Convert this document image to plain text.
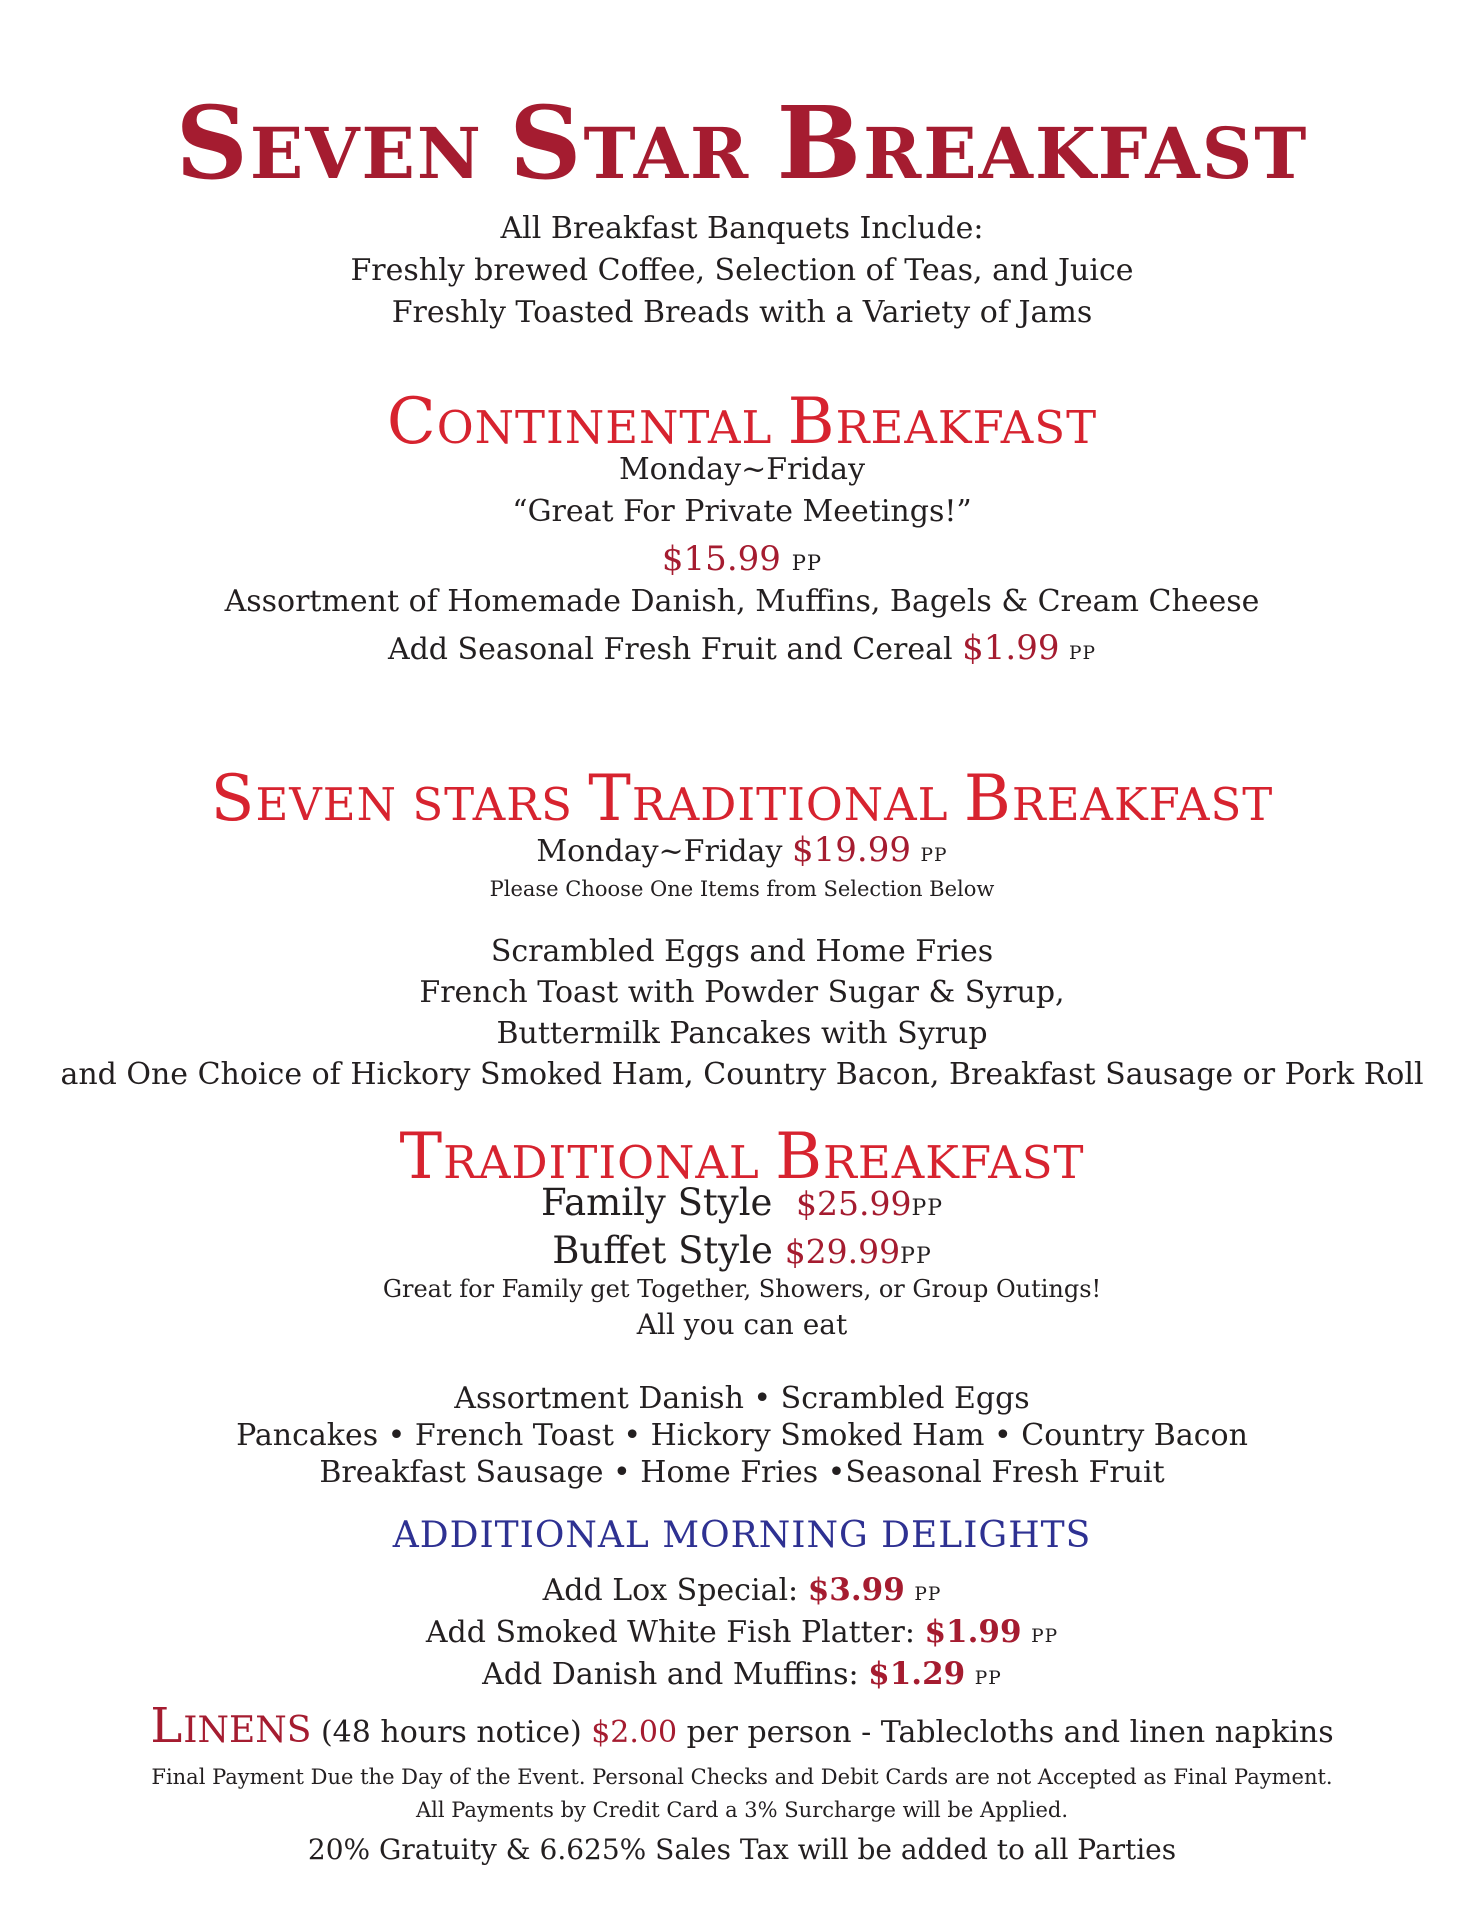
SEVEN STAR BREAKFAST
All Breakfast Banquets Include:
Freshly brewed Coffee, Selection of Teas, and Juice
Freshly Toasted Breads with a Variety of Jams
CONTINENTAL BREAKFAST
Monday~Friday
“Great For Private Meetings!”
$15.99 PP
Assortment of Homemade Danish, Muffins, Bagels & Cream Cheese
Add Seasonal Fresh Fruit and Cereal $1.99 PP
SEVEN STARS TRADITIONAL BREAKFAST
Monday~Friday $19.99 PP
Please Choose One Items from Selection Below
Scrambled Eggs and Home Fries
French Toast with Powder Sugar & Syrup,
Buttermilk Pancakes with Syrup
and One Choice of Hickory Smoked Ham, Country Bacon, Breakfast Sausage or Pork Roll
TRADITIONAL BREAKFAST
Family Style $25.99PP
Buffet Style $29.99PP
Great for Family get Together, Showers, or Group Outings!
All you can eat
Assortment Danish • Scrambled Eggs
Pancakes • French Toast • Hickory Smoked Ham • Country Bacon
Breakfast Sausage • Home Fries •Seasonal Fresh Fruit
ADDITIONAL MORNING DELIGHTS
Add Lox Special: $3.99 PP
Add Smoked White Fish Platter: $1.99 PP
Add Danish and Muffins: $1.29 PP
LINENS (48 hours notice) $2.00 per person - Tablecloths and linen napkins
Final Payment Due the Day of the Event. Personal Checks and Debit Cards are not Accepted as Final Payment.
All Payments by Credit Card a 3% Surcharge will be Applied.
20% Gratuity & 6.625% Sales Tax will be added to all Parties
